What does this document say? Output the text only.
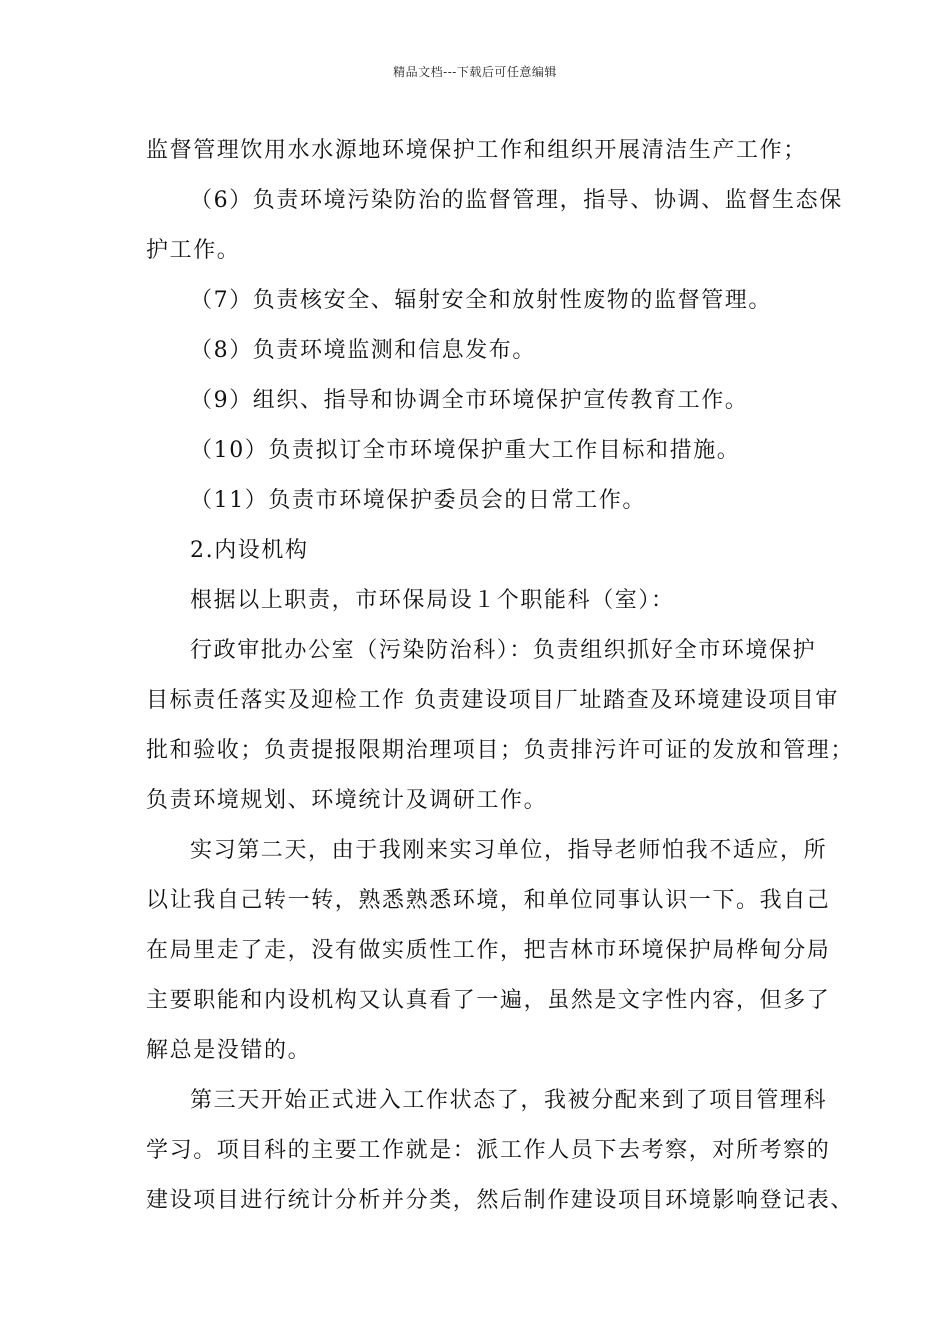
精品文档---下载后可任意编辑
监督管理饮用水水源地环境保护工作和组织开展清洁生产工作；
（6）负责环境污染防治的监督管理，指导、协调、监督生态保
护工作。
（7）负责核安全、辐射安全和放射性废物的监督管理。
（8）负责环境监测和信息发布。
（9）组织、指导和协调全市环境保护宣传教育工作。
（10）负责拟订全市环境保护重大工作目标和措施。
（11）负责市环境保护委员会的日常工作。
2.内设机构
根据以上职责，市环保局设１个职能科（室）：
行政审批办公室（污染防治科）：负责组织抓好全市环境保护
目标责任落实及迎检工作 负责建设项目厂址踏查及环境建设项目审
批和验收；负责提报限期治理项目；负责排污许可证的发放和管理；
负责环境规划、环境统计及调研工作。
实习第二天，由于我刚来实习单位，指导老师怕我不适应，所
以让我自己转一转，熟悉熟悉环境，和单位同事认识一下。我自己
在局里走了走，没有做实质性工作，把吉林市环境保护局桦甸分局
主要职能和内设机构又认真看了一遍，虽然是文字性内容，但多了
解总是没错的。
第三天开始正式进入工作状态了，我被分配来到了项目管理科
学习。项目科的主要工作就是：派工作人员下去考察，对所考察的
建设项目进行统计分析并分类，然后制作建设项目环境影响登记表、
